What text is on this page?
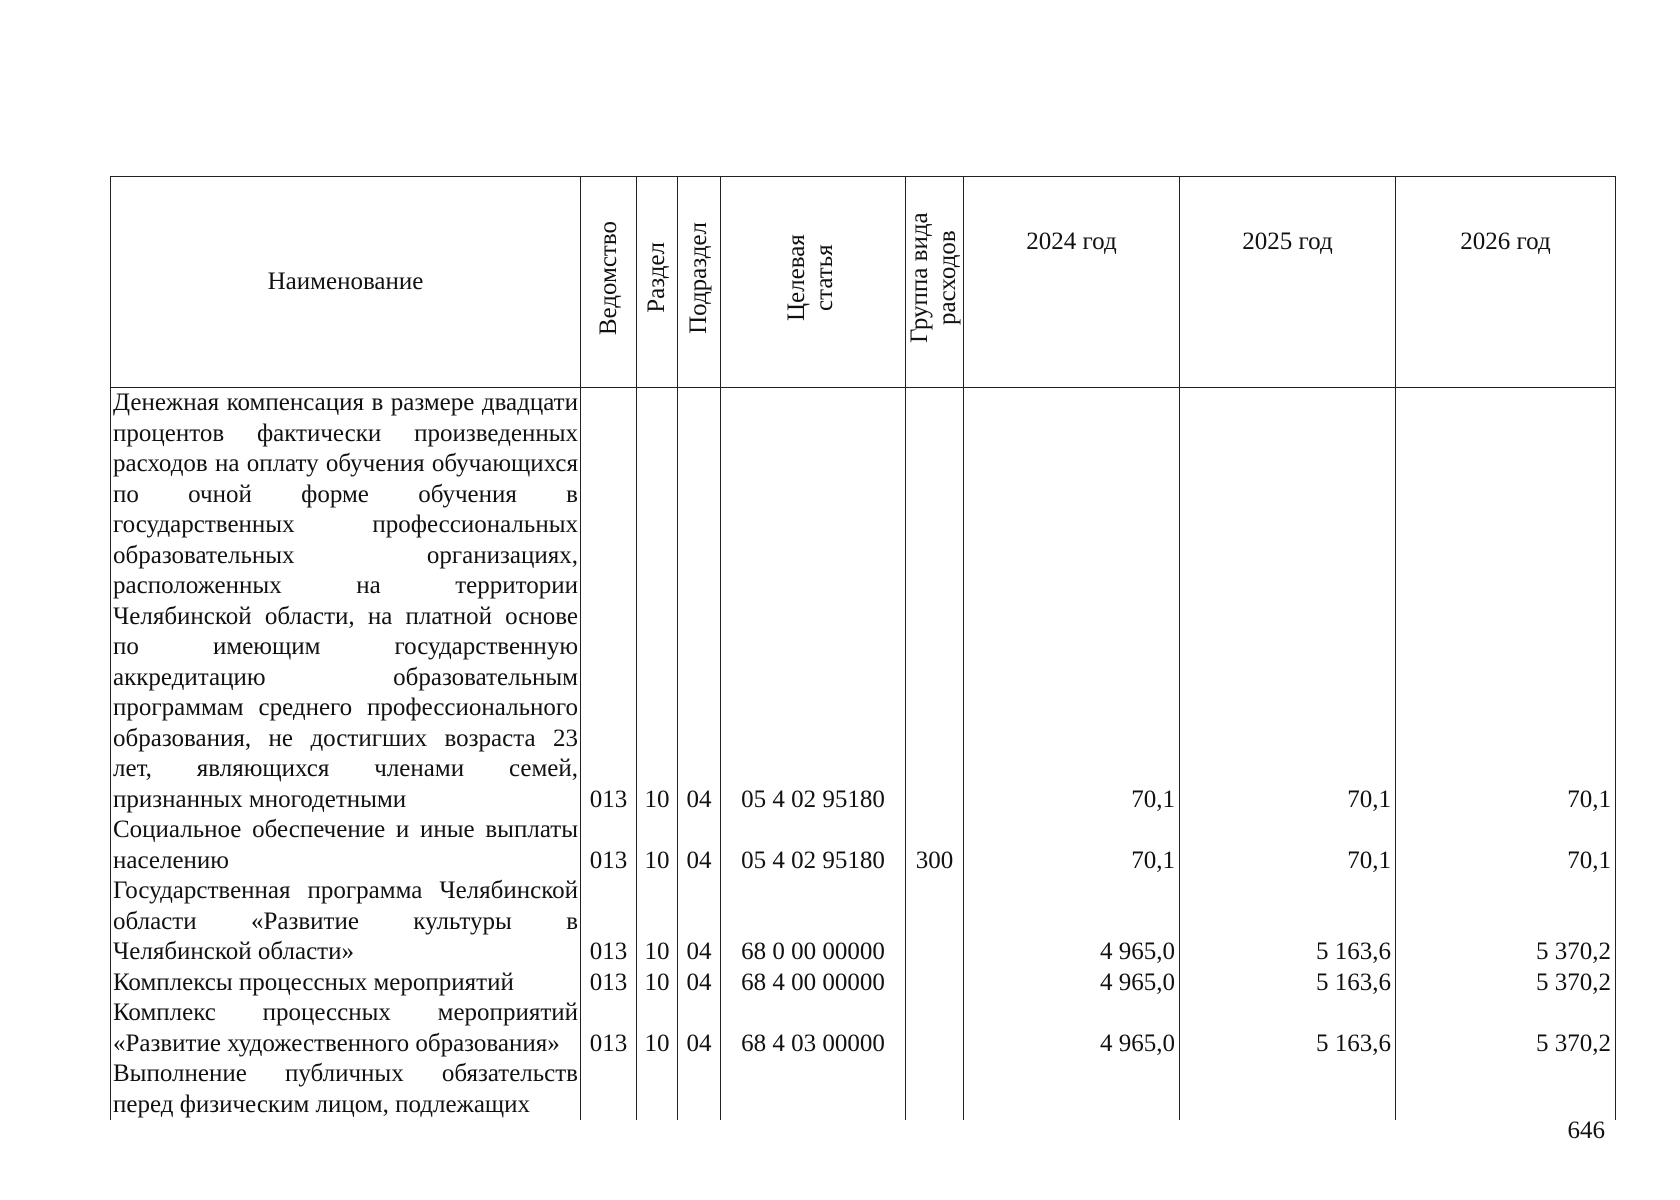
Наименование	Ведомство	Раздел	Подраздел	Целевая статья	Группа вида расходов	2024 год	2025 год	2026 год
Денежная компенсация в размере двадцати процентов фактически произведенных расходов на оплату обучения обучающихся по очной форме обучения в государственных профессиональных образовательных организациях, расположенных на территории Челябинской области, на платной основе по имеющим государственную аккредитацию образовательным программам среднего профессионального образования, не достигших возраста 23 лет, являющихся членами семей, признанных многодетными	013	10	04	05 4 02 95180		70,1	70,1	70,1
Социальное обеспечение и иные выплаты населению	013	10	04	05 4 02 95180	300	70,1	70,1	70,1
Государственная программа Челябинской области «Развитие культуры в Челябинской области»	013	10	04	68 0 00 00000		4 965,0	5 163,6	5 370,2
Комплексы процессных мероприятий	013	10	04	68 4 00 00000		4 965,0	5 163,6	5 370,2
Комплекс процессных мероприятий «Развитие художественного образования»	013	10	04	68 4 03 00000		4 965,0	5 163,6	5 370,2
Выполнение публичных обязательств перед физическим лицом, подлежащих								
646
